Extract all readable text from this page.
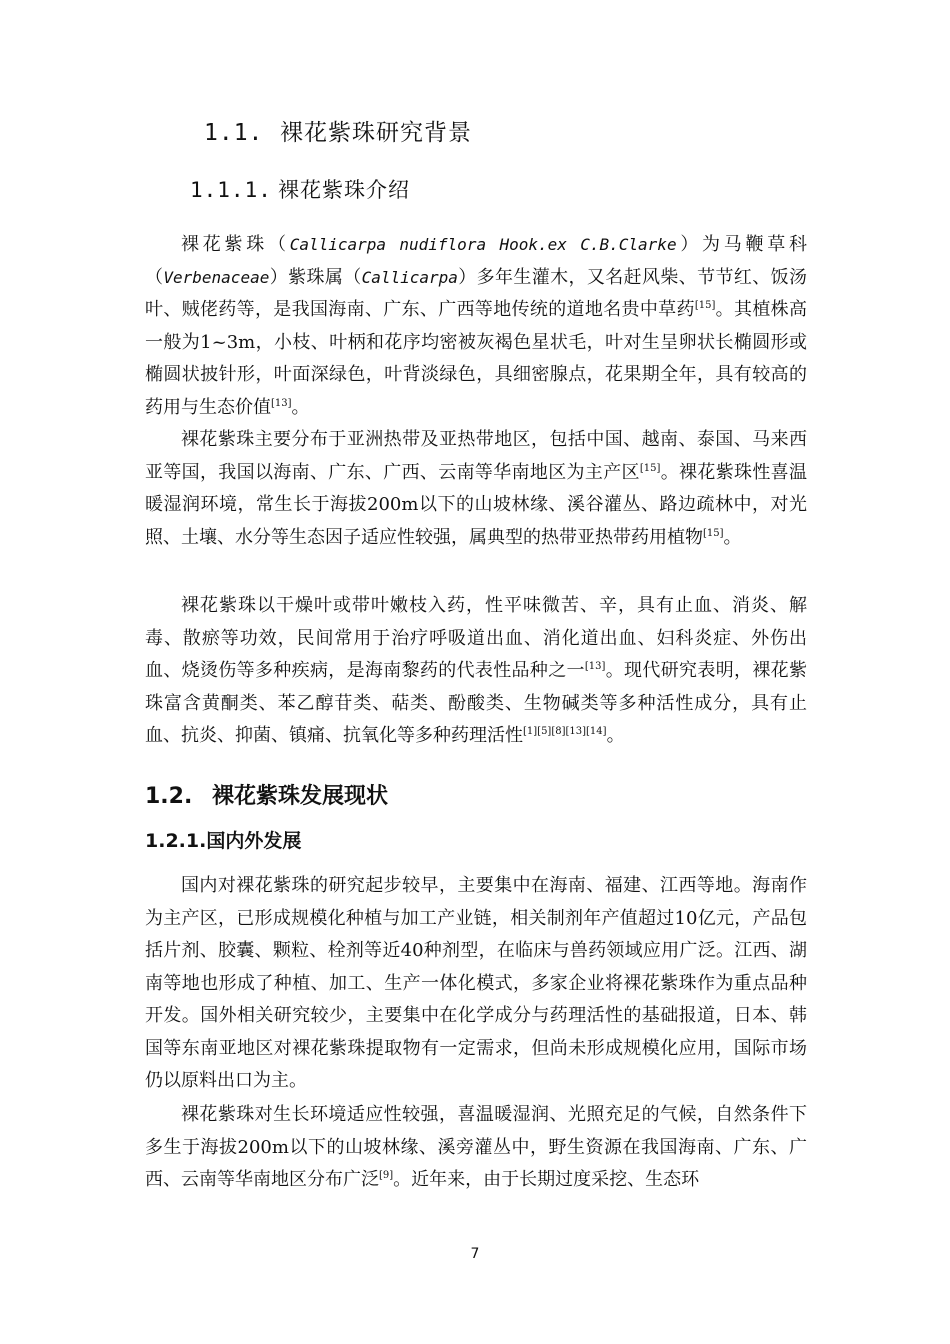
1.1. 裸花紫珠研究背景
1.1.1. 裸花紫珠介绍

裸花紫珠（Callicarpa nudiflora Hook.ex C.B.Clarke）为马鞭草科（Verbenaceae）紫珠属（Callicarpa）多年生灌木，又名赶风柴、节节红、饭汤叶、贼佬药等，是我国海南、广东、广西等地传统的道地名贵中草药[15]。其植株高一般为1~3m，小枝、叶柄和花序均密被灰褐色星状毛，叶对生呈卵状长椭圆形或椭圆状披针形，叶面深绿色，叶背淡绿色，具细密腺点，花果期全年，具有较高的药用与生态价值[13]。

裸花紫珠主要分布于亚洲热带及亚热带地区，包括中国、越南、泰国、马来西亚等国，我国以海南、广东、广西、云南等华南地区为主产区[15]。裸花紫珠性喜温暖湿润环境，常生长于海拔200m以下的山坡林缘、溪谷灌丛、路边疏林中，对光照、土壤、水分等生态因子适应性较强，属典型的热带亚热带药用植物[15]。

裸花紫珠以干燥叶或带叶嫩枝入药，性平味微苦、辛，具有止血、消炎、解毒、散瘀等功效，民间常用于治疗呼吸道出血、消化道出血、妇科炎症、外伤出血、烧烫伤等多种疾病，是海南黎药的代表性品种之一[13]。现代研究表明，裸花紫珠富含黄酮类、苯乙醇苷类、萜类、酚酸类、生物碱类等多种活性成分，具有止血、抗炎、抑菌、镇痛、抗氧化等多种药理活性[1][5][8][13][14]。

1.2. 裸花紫珠发展现状
1.2.1.国内外发展

国内对裸花紫珠的研究起步较早，主要集中在海南、福建、江西等地。海南作为主产区，已形成规模化种植与加工产业链，相关制剂年产值超过10亿元，产品包括片剂、胶囊、颗粒、栓剂等近40种剂型，在临床与兽药领域应用广泛。江西、湖南等地也形成了种植、加工、生产一体化模式，多家企业将裸花紫珠作为重点品种开发。国外相关研究较少，主要集中在化学成分与药理活性的基础报道，日本、韩国等东南亚地区对裸花紫珠提取物有一定需求，但尚未形成规模化应用，国际市场仍以原料出口为主。

裸花紫珠对生长环境适应性较强，喜温暖湿润、光照充足的气候，自然条件下多生于海拔200m以下的山坡林缘、溪旁灌丛中，野生资源在我国海南、广东、广西、云南等华南地区分布广泛[9]。近年来，由于长期过度采挖、生态环

7
